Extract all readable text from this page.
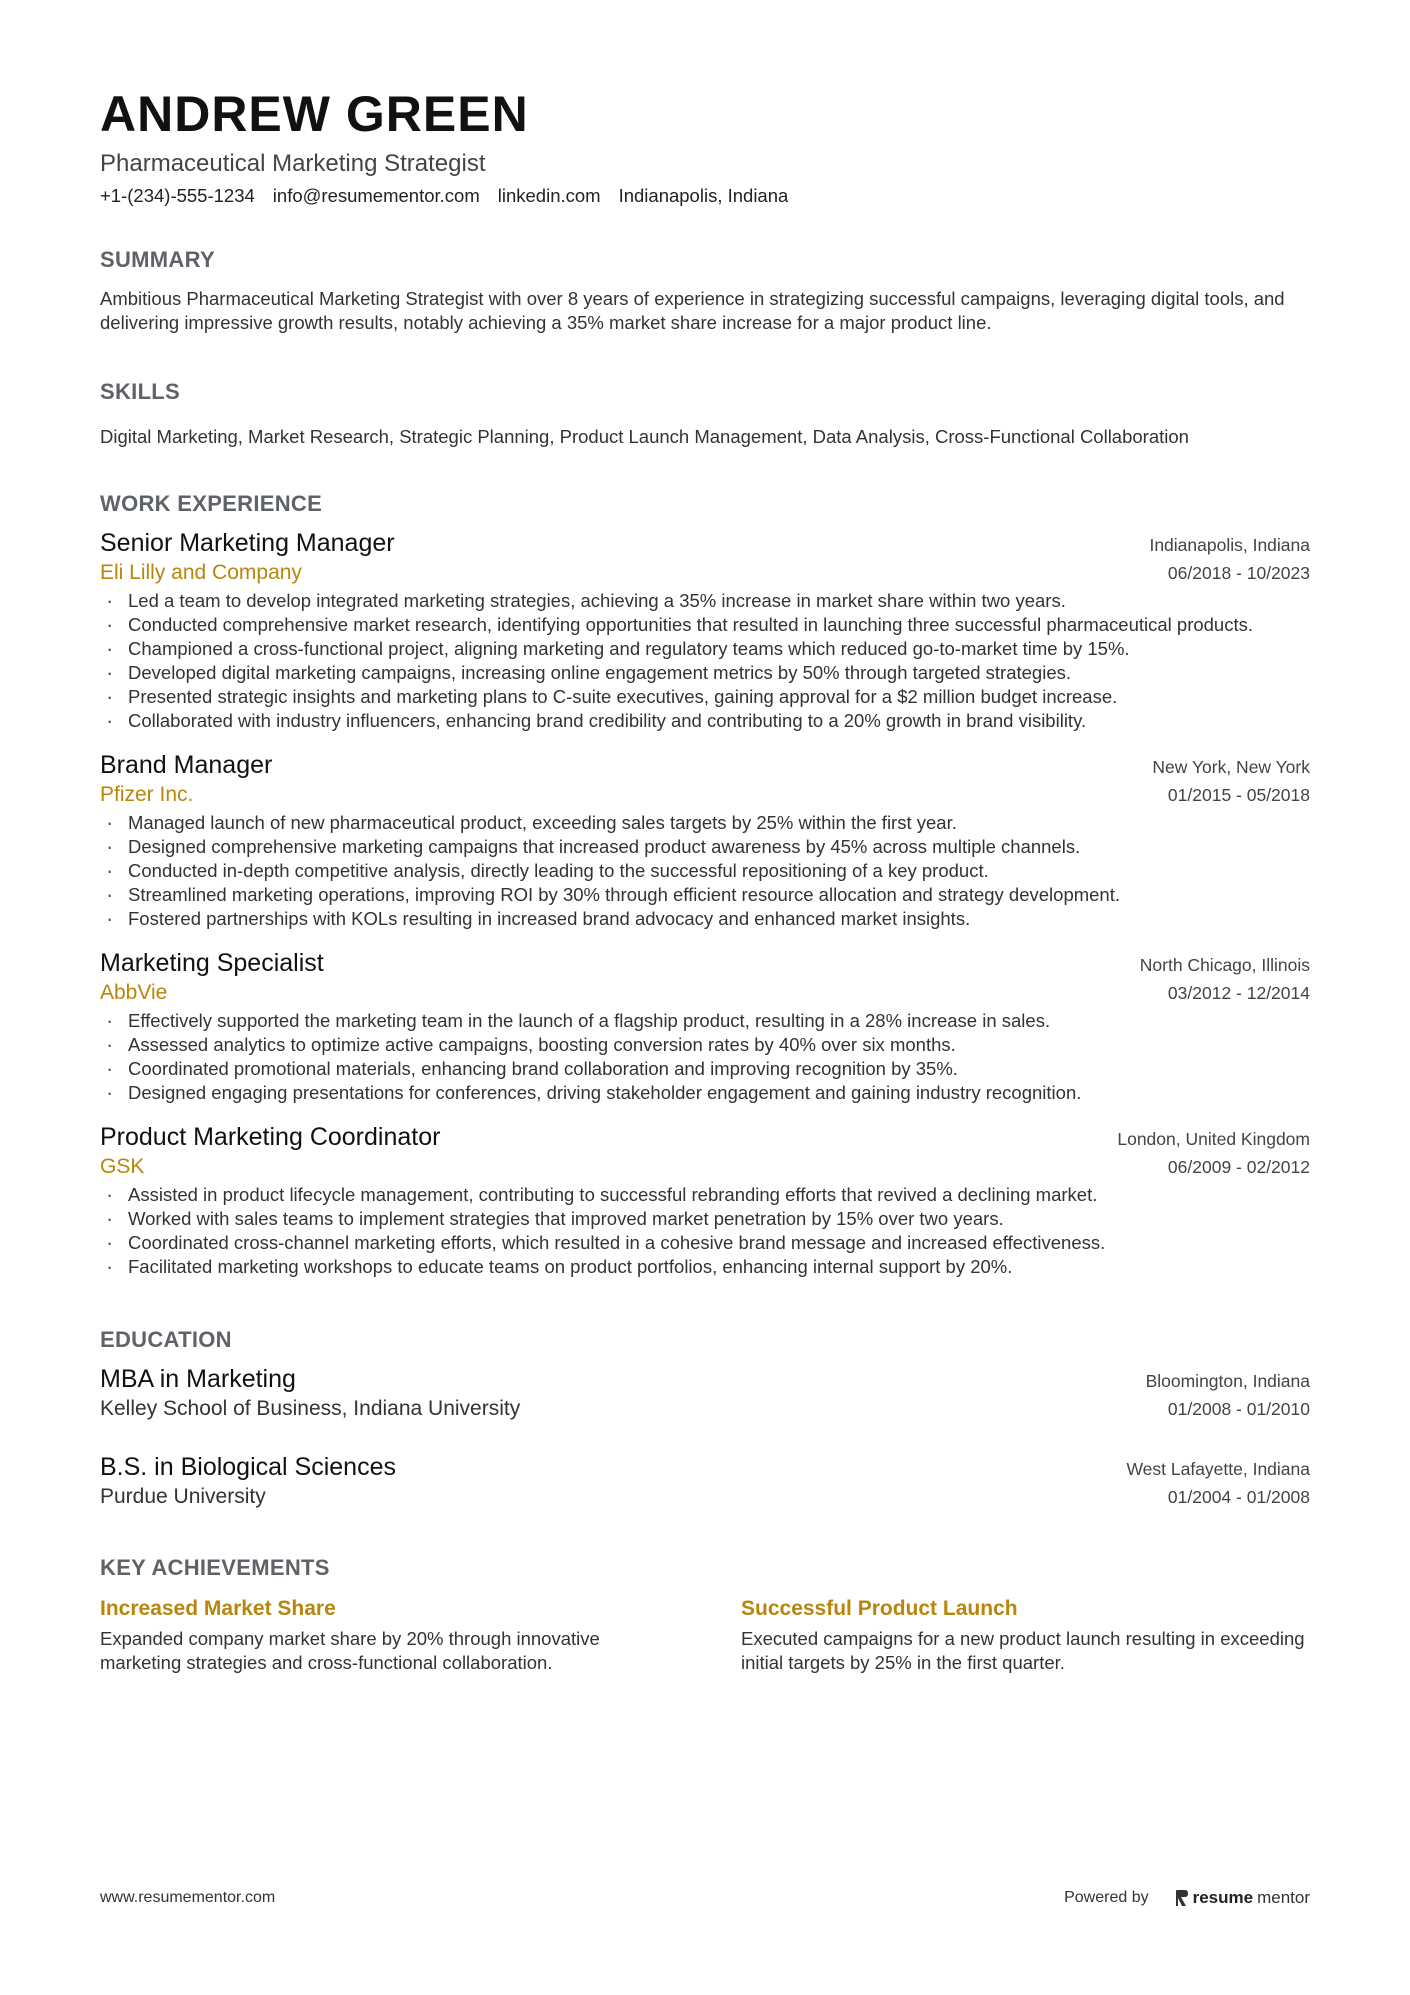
ANDREW GREEN
Pharmaceutical Marketing Strategist
+1-(234)-555-1234 info@resumementor.com linkedin.com Indianapolis, Indiana
SUMMARY
Ambitious Pharmaceutical Marketing Strategist with over 8 years of experience in strategizing successful campaigns, leveraging digital tools, and delivering impressive growth results, notably achieving a 35% market share increase for a major product line.
SKILLS
Digital Marketing, Market Research, Strategic Planning, Product Launch Management, Data Analysis, Cross-Functional Collaboration
WORK EXPERIENCE
Senior Marketing Manager	Indianapolis, Indiana
Eli Lilly and Company	06/2018 - 10/2023
· Led a team to develop integrated marketing strategies, achieving a 35% increase in market share within two years.
· Conducted comprehensive market research, identifying opportunities that resulted in launching three successful pharmaceutical products.
· Championed a cross-functional project, aligning marketing and regulatory teams which reduced go-to-market time by 15%.
· Developed digital marketing campaigns, increasing online engagement metrics by 50% through targeted strategies.
· Presented strategic insights and marketing plans to C-suite executives, gaining approval for a $2 million budget increase.
· Collaborated with industry influencers, enhancing brand credibility and contributing to a 20% growth in brand visibility.
Brand Manager	New York, New York
Pfizer Inc.	01/2015 - 05/2018
· Managed launch of new pharmaceutical product, exceeding sales targets by 25% within the first year.
· Designed comprehensive marketing campaigns that increased product awareness by 45% across multiple channels.
· Conducted in-depth competitive analysis, directly leading to the successful repositioning of a key product.
· Streamlined marketing operations, improving ROI by 30% through efficient resource allocation and strategy development.
· Fostered partnerships with KOLs resulting in increased brand advocacy and enhanced market insights.
Marketing Specialist	North Chicago, Illinois
AbbVie	03/2012 - 12/2014
· Effectively supported the marketing team in the launch of a flagship product, resulting in a 28% increase in sales.
· Assessed analytics to optimize active campaigns, boosting conversion rates by 40% over six months.
· Coordinated promotional materials, enhancing brand collaboration and improving recognition by 35%.
· Designed engaging presentations for conferences, driving stakeholder engagement and gaining industry recognition.
Product Marketing Coordinator	London, United Kingdom
GSK	06/2009 - 02/2012
· Assisted in product lifecycle management, contributing to successful rebranding efforts that revived a declining market.
· Worked with sales teams to implement strategies that improved market penetration by 15% over two years.
· Coordinated cross-channel marketing efforts, which resulted in a cohesive brand message and increased effectiveness.
· Facilitated marketing workshops to educate teams on product portfolios, enhancing internal support by 20%.
EDUCATION
MBA in Marketing	Bloomington, Indiana
Kelley School of Business, Indiana University	01/2008 - 01/2010
B.S. in Biological Sciences	West Lafayette, Indiana
Purdue University	01/2004 - 01/2008
KEY ACHIEVEMENTS
Increased Market Share
Expanded company market share by 20% through innovative marketing strategies and cross-functional collaboration.
Successful Product Launch
Executed campaigns for a new product launch resulting in exceeding initial targets by 25% in the first quarter.
www.resumementor.com	Powered by	resume mentor
